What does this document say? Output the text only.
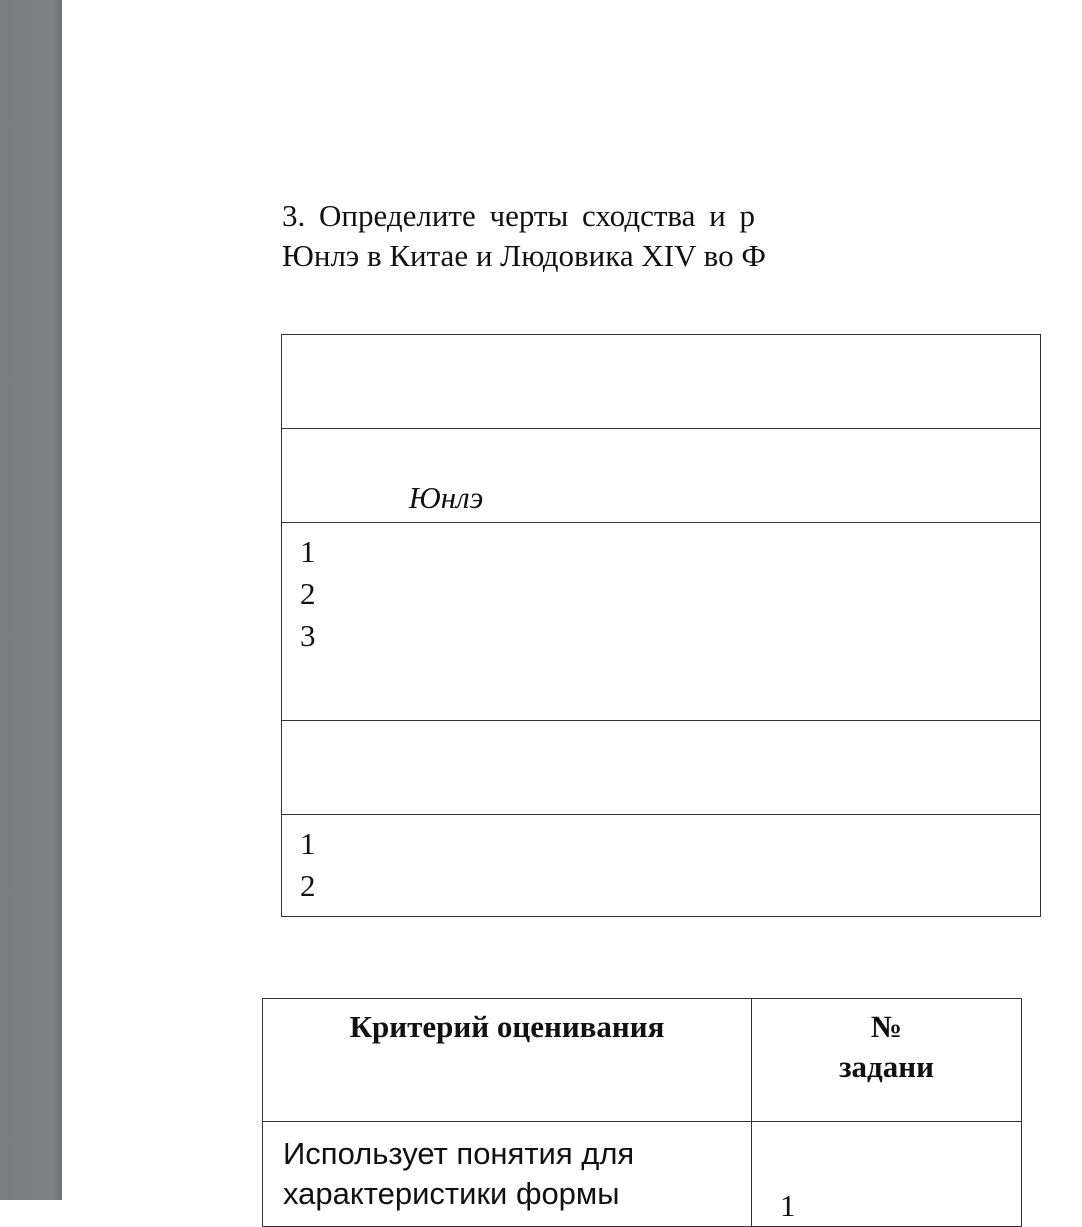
3. Определите черты сходства и р
Юнлэ в Китае и Людовика XIV во Ф

Юнлэ

1
2
3

1
2
Критерий оценивания	№
задани

Использует понятия для характеристики формы	1
